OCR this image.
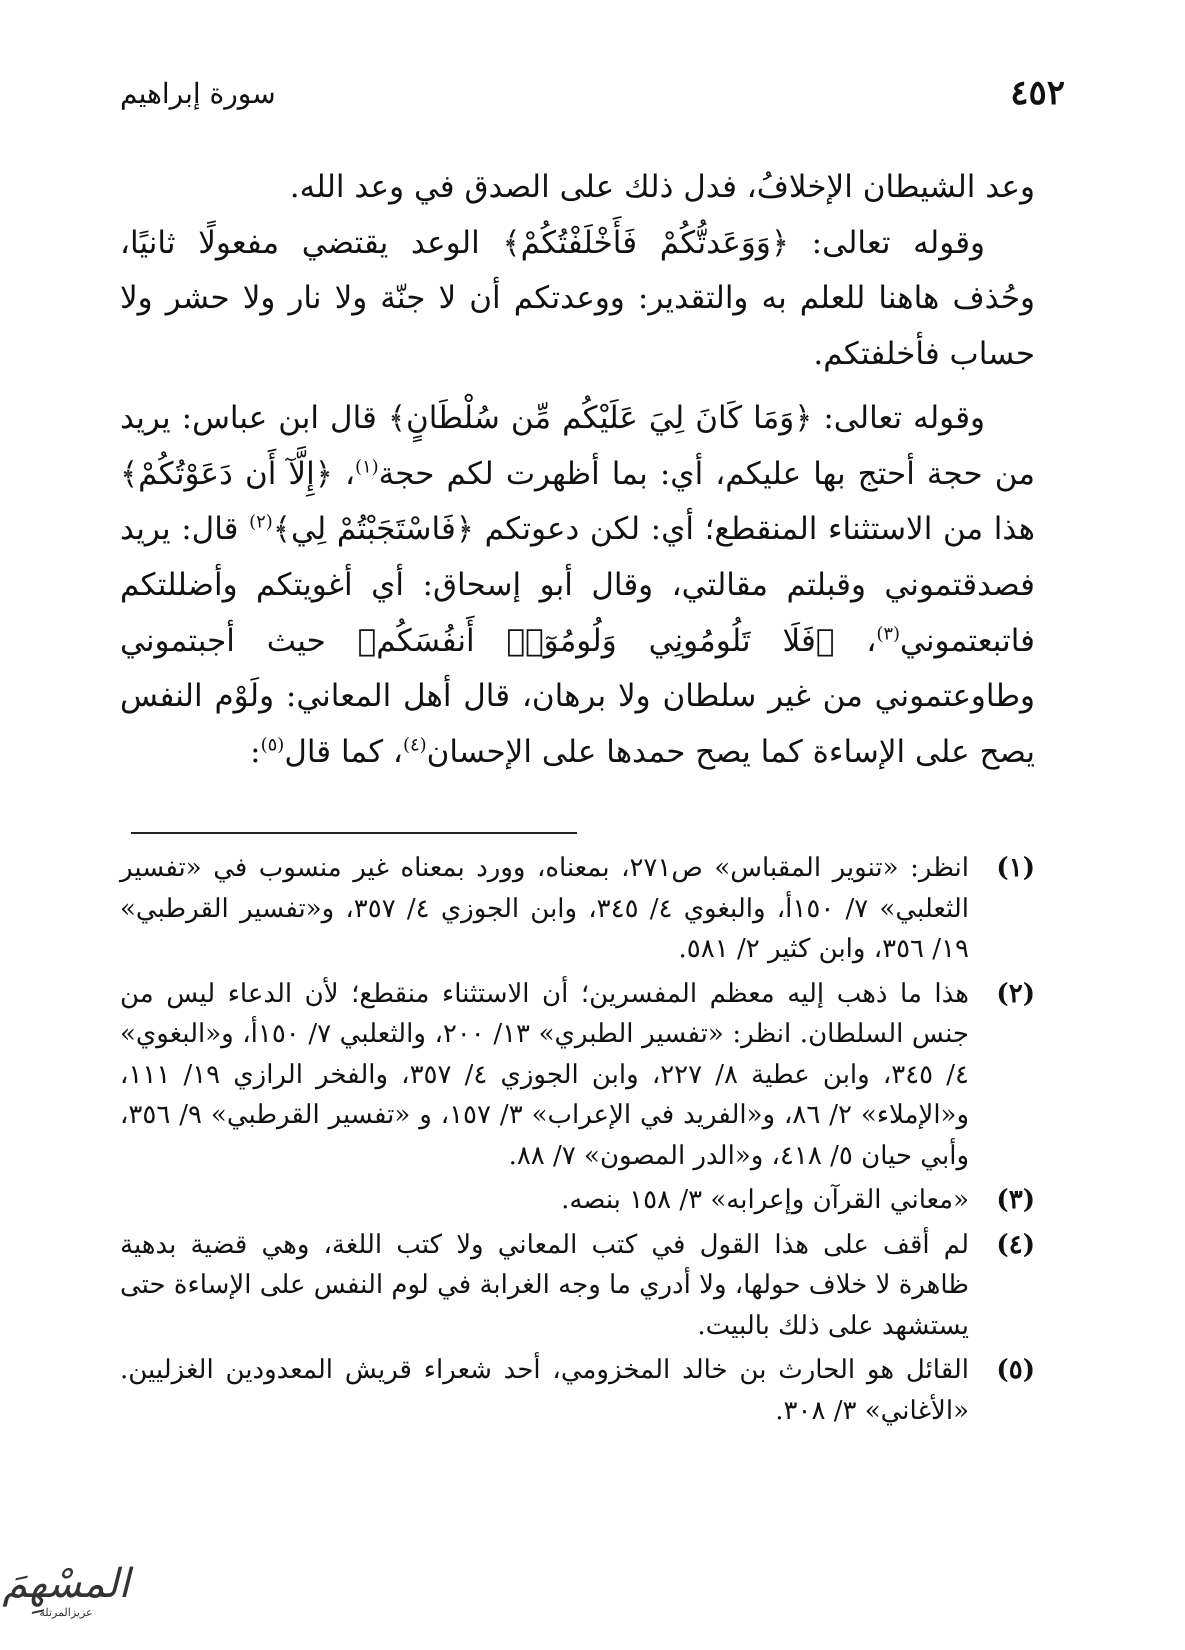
٤٥٢
سورة إبراهيم

وعد الشيطان الإخلافُ، فدل ذلك على الصدق في وعد الله.

وقوله تعالى: ﴿وَوَعَدتُّكُمْ فَأَخْلَفْتُكُمْ﴾ الوعد يقتضي مفعولًا ثانيًا، وحُذف هاهنا للعلم به والتقدير: ووعدتكم أن لا جنّة ولا نار ولا حشر ولا حساب فأخلفتكم.

وقوله تعالى: ﴿وَمَا كَانَ لِيَ عَلَيْكُم مِّن سُلْطَانٍ﴾ قال ابن عباس: يريد من حجة أحتج بها عليكم، أي: بما أظهرت لكم حجة$^{(١)}$، ﴿إِلَّآ أَن دَعَوْتُكُمْ﴾ هذا من الاستثناء المنقطع؛ أي: لكن دعوتكم ﴿فَاسْتَجَبْتُمْ لِي﴾$^{(٢)}$ قال: يريد فصدقتموني وقبلتم مقالتي، وقال أبو إسحاق: أي أغويتكم وأضللتكم فاتبعتموني$^{(٣)}$، ﴿فَلَا تَلُومُونِي وَلُومُوٓا۟ أَنفُسَكُم﴾ حيث أجبتموني وطاوعتموني من غير سلطان ولا برهان، قال أهل المعاني: ولَوْم النفس يصح على الإساءة كما يصح حمدها على الإحسان$^{(٤)}$، كما قال$^{(٥)}$:

(١)
انظر: «تنوير المقباس» ص٢٧١، بمعناه، وورد بمعناه غير منسوب في «تفسير الثعلبي» ٧/ ١٥٠أ، والبغوي ٤/ ٣٤٥، وابن الجوزي ٤/ ٣٥٧، و«تفسير القرطبي» ١٩/ ٣٥٦، وابن كثير ٢/ ٥٨١.
(٢)
هذا ما ذهب إليه معظم المفسرين؛ أن الاستثناء منقطع؛ لأن الدعاء ليس من جنس السلطان. انظر: «تفسير الطبري» ١٣/ ٢٠٠، والثعلبي ٧/ ١٥٠أ، و«البغوي» ٤/ ٣٤٥، وابن عطية ٨/ ٢٢٧، وابن الجوزي ٤/ ٣٥٧، والفخر الرازي ١٩/ ١١١، و«الإملاء» ٢/ ٨٦، و«الفريد في الإعراب» ٣/ ١٥٧، و «تفسير القرطبي» ٩/ ٣٥٦، وأبي حيان ٥/ ٤١٨، و«الدر المصون» ٧/ ٨٨.
(٣)
«معاني القرآن وإعرابه» ٣/ ١٥٨ بنصه.
(٤)
لم أقف على هذا القول في كتب المعاني ولا كتب اللغة، وهي قضية بدهية ظاهرة لا خلاف حولها، ولا أدري ما وجه الغرابة في لوم النفس على الإساءة حتى يستشهد على ذلك بالبيت.
(٥)
القائل هو الحارث بن خالد المخزومي، أحد شعراء قريش المعدودين الغزليين. «الأغاني» ٣/ ٣٠٨.
المسْهِمَ
عزيزالمرتلة
